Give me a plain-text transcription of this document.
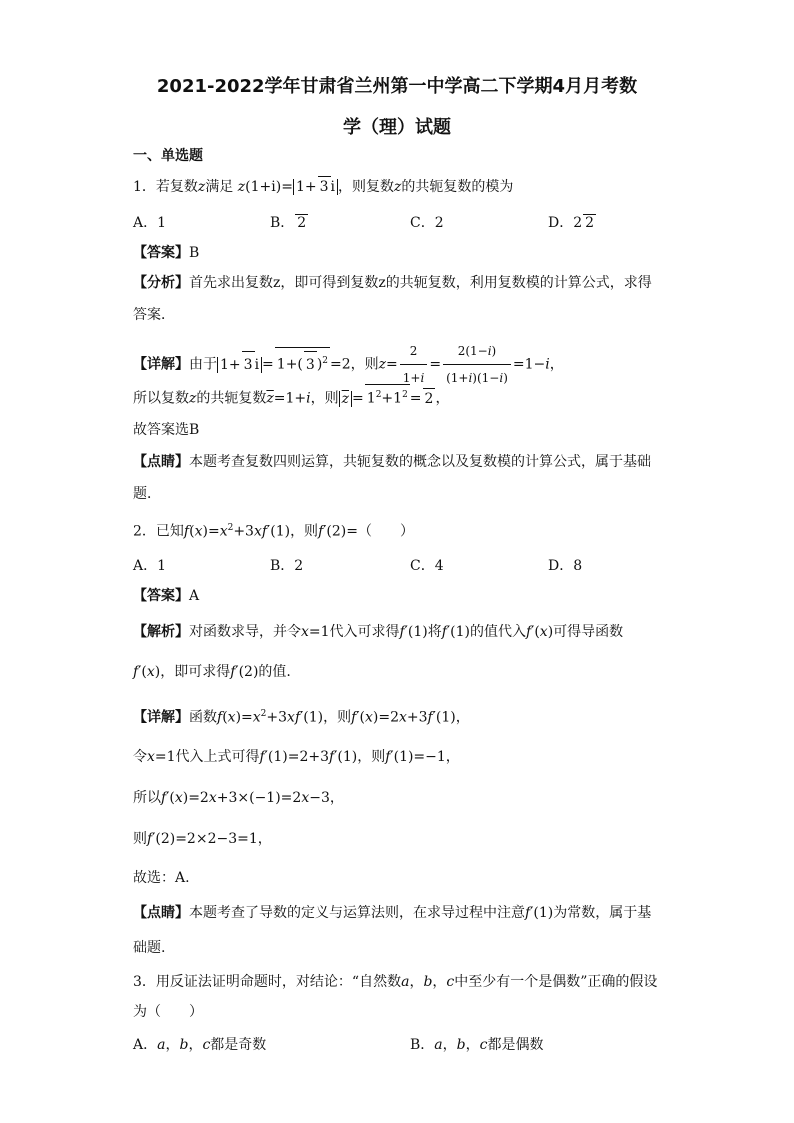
2021-2022学年甘肃省兰州第一中学高二下学期4月月考数
学（理）试题
一、单选题
1．若复数z满足 z(1+i)= 1+ 3 i ，则复数z的共轭复数的模为
A．1	B． 2	C．2	D．2 2
【答案】B
【分析】首先求出复数z，即可得到复数z的共轭复数，利用复数模的计算公式，求得
答案．
【详解】由于 1+ 3 i = 1+( 3 )$^2$ =2，则$z= \frac{2}{1+i} = \frac{2(1-i)}{(1+i)(1-i)} =1-i$，
所以复数z的共轭复数$\overline{z}=1+i$，则 $\overline{z} = 1^2+1^2 = 2$ ，
故答案选B
【点睛】本题考查复数四则运算，共轭复数的概念以及复数模的计算公式，属于基础
题．
2．已知$f(x)=x^2+3xf'(1)$，则f′(2)=（　　）
A．1	B．2	C．4	D．8
【答案】A
【解析】对函数求导，并令x=1代入可求得f′(1)将f′(1)的值代入f′(x)可得导函数
f′(x)，即可求得f′(2)的值.
【详解】函数$f(x)=x^2+3xf'(1)$，则f′(x)=2x+3f′(1)，
令x=1代入上式可得f′(1)=2+3f′(1)，则f′(1)=−1，
所以f′(x)=2x+3×(−1)=2x−3，
则f′(2)=2×2−3=1，
故选：A.
【点睛】本题考查了导数的定义与运算法则，在求导过程中注意f′(1)为常数，属于基
础题.
3．用反证法证明命题时，对结论：“自然数a，b，c中至少有一个是偶数”正确的假设
为（　　）
A．a，b，c都是奇数	B．a，b，c都是偶数
